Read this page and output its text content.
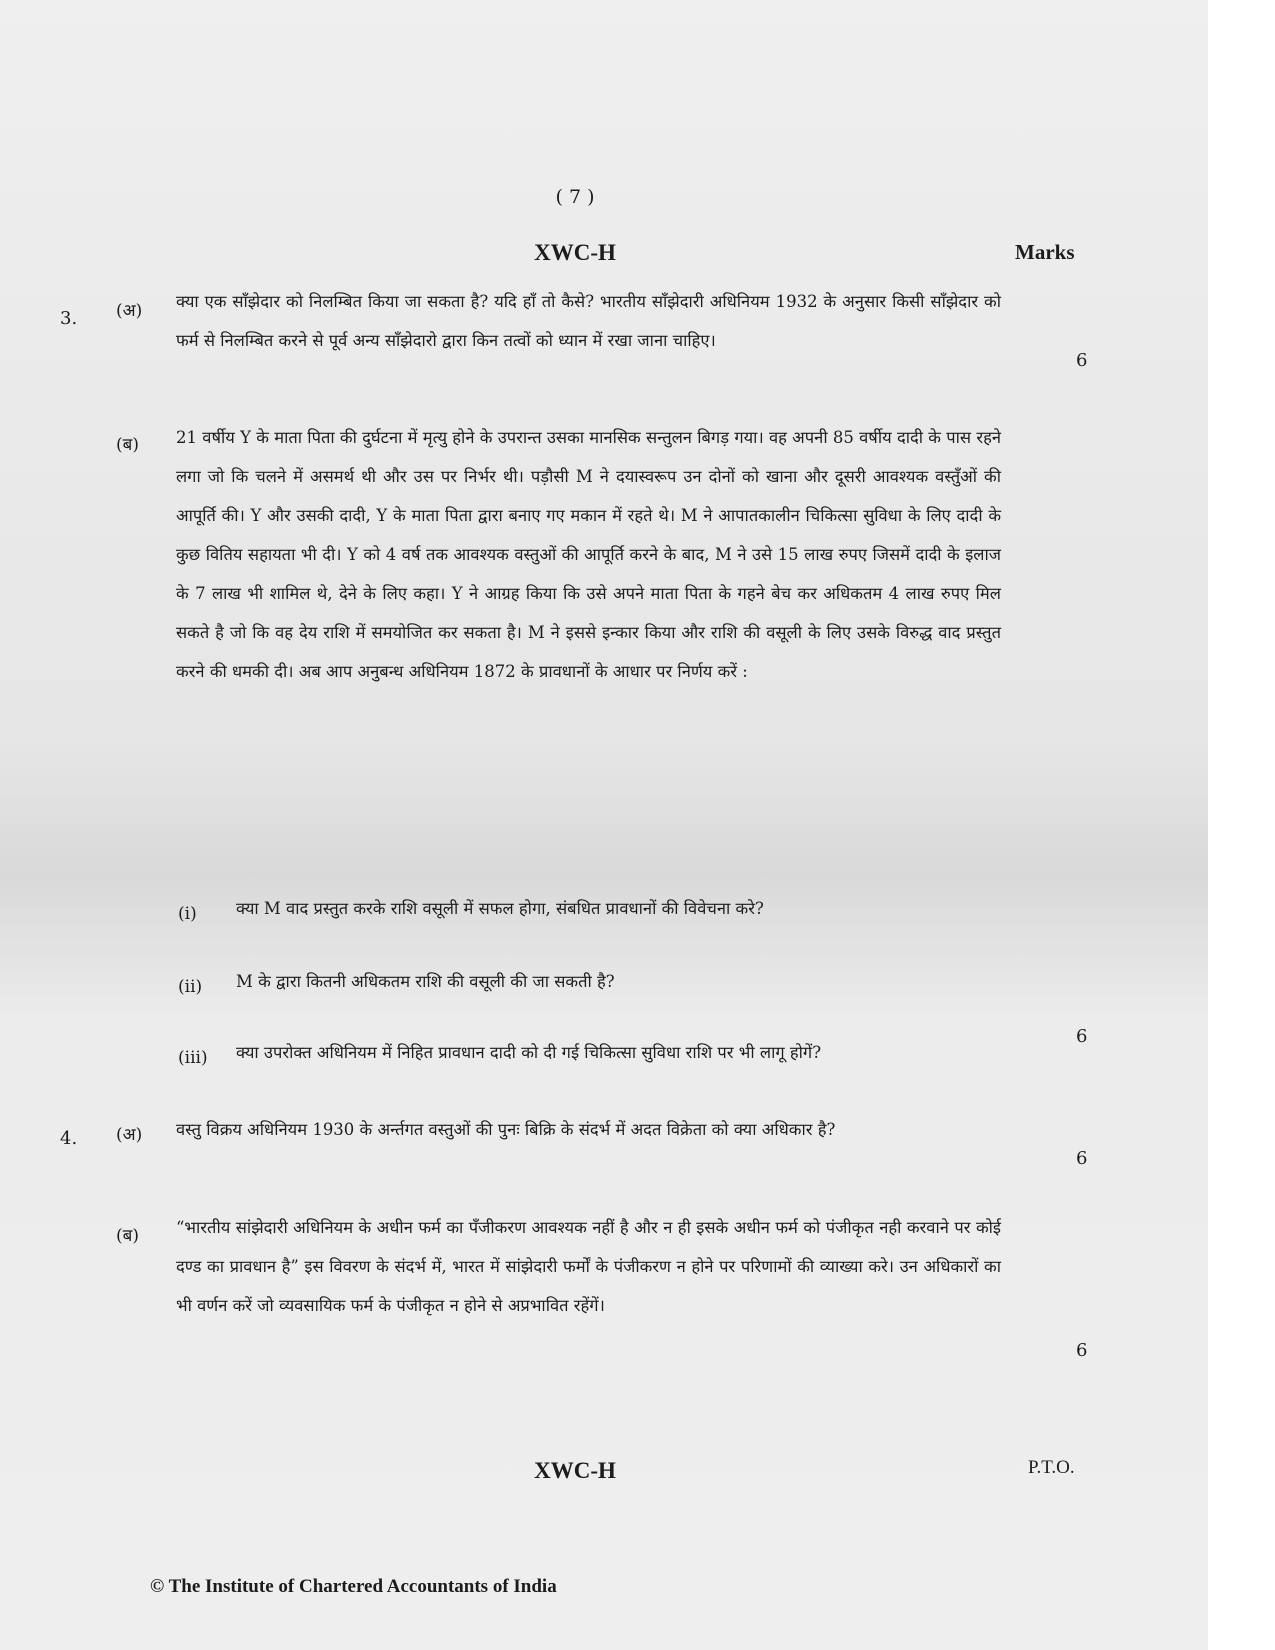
( 7 )
XWC-H	Marks
3. (अ) क्या एक साँझेदार को निलम्बित किया जा सकता है? यदि हाँ तो कैसे? भारतीय साँझेदारी अधिनियम 1932 के अनुसार किसी साँझेदार को फर्म से निलम्बित करने से पूर्व अन्य साँझेदारो द्वारा किन तत्वों को ध्यान में रखा जाना चाहिए।

6
(ब) 21 वर्षीय Y के माता पिता की दुर्घटना में मृत्यु होने के उपरान्त उसका मानसिक सन्तुलन बिगड़ गया। वह अपनी 85 वर्षीय दादी के पास रहने लगा जो कि चलने में असमर्थ थी और उस पर निर्भर थी। पड़ौसी M ने दयास्वरूप उन दोनों को खाना और दूसरी आवश्यक वस्तुँओं की आपूर्ति की। Y और उसकी दादी, Y के माता पिता द्वारा बनाए गए मकान में रहते थे। M ने आपातकालीन चिकित्सा सुविधा के लिए दादी के कुछ वितिय सहायता भी दी। Y को 4 वर्ष तक आवश्यक वस्तुओं की आपूर्ति करने के बाद, M ने उसे 15 लाख रुपए जिसमें दादी के इलाज के 7 लाख भी शामिल थे, देने के लिए कहा। Y ने आग्रह किया कि उसे अपने माता पिता के गहने बेच कर अधिकतम 4 लाख रुपए मिल सकते है जो कि वह देय राशि में समयोजित कर सकता है। M ने इससे इन्कार किया और राशि की वसूली के लिए उसके विरुद्ध वाद प्रस्तुत करने की धमकी दी। अब आप अनुबन्ध अधिनियम 1872 के प्रावधानों के आधार पर निर्णय करें :

(i) क्या M वाद प्रस्तुत करके राशि वसूली में सफल होगा, संबधित प्रावधानों की विवेचना करे?
(ii) M के द्वारा कितनी अधिकतम राशि की वसूली की जा सकती है?
(iii) क्या उपरोक्त अधिनियम में निहित प्रावधान दादी को दी गई चिकित्सा सुविधा राशि पर भी लागू होगें?
6
4. (अ) वस्तु विक्रय अधिनियम 1930 के अर्न्तगत वस्तुओं की पुनः बिक्रि के संदर्भ में अदत विक्रेता को क्या अधिकार है?

6
(ब) “भारतीय सांझेदारी अधिनियम के अधीन फर्म का पँजीकरण आवश्यक नहीं है और न ही इसके अधीन फर्म को पंजीकृत नही करवाने पर कोई दण्ड का प्रावधान है” इस विवरण के संदर्भ में, भारत में सांझेदारी फर्मों के पंजीकरण न होने पर परिणामों की व्याख्या करे। उन अधिकारों का भी वर्णन करें जो व्यवसायिक फर्म के पंजीकृत न होने से अप्रभावित रहेंगें।

6
XWC-H	P.T.O.
© The Institute of Chartered Accountants of India
